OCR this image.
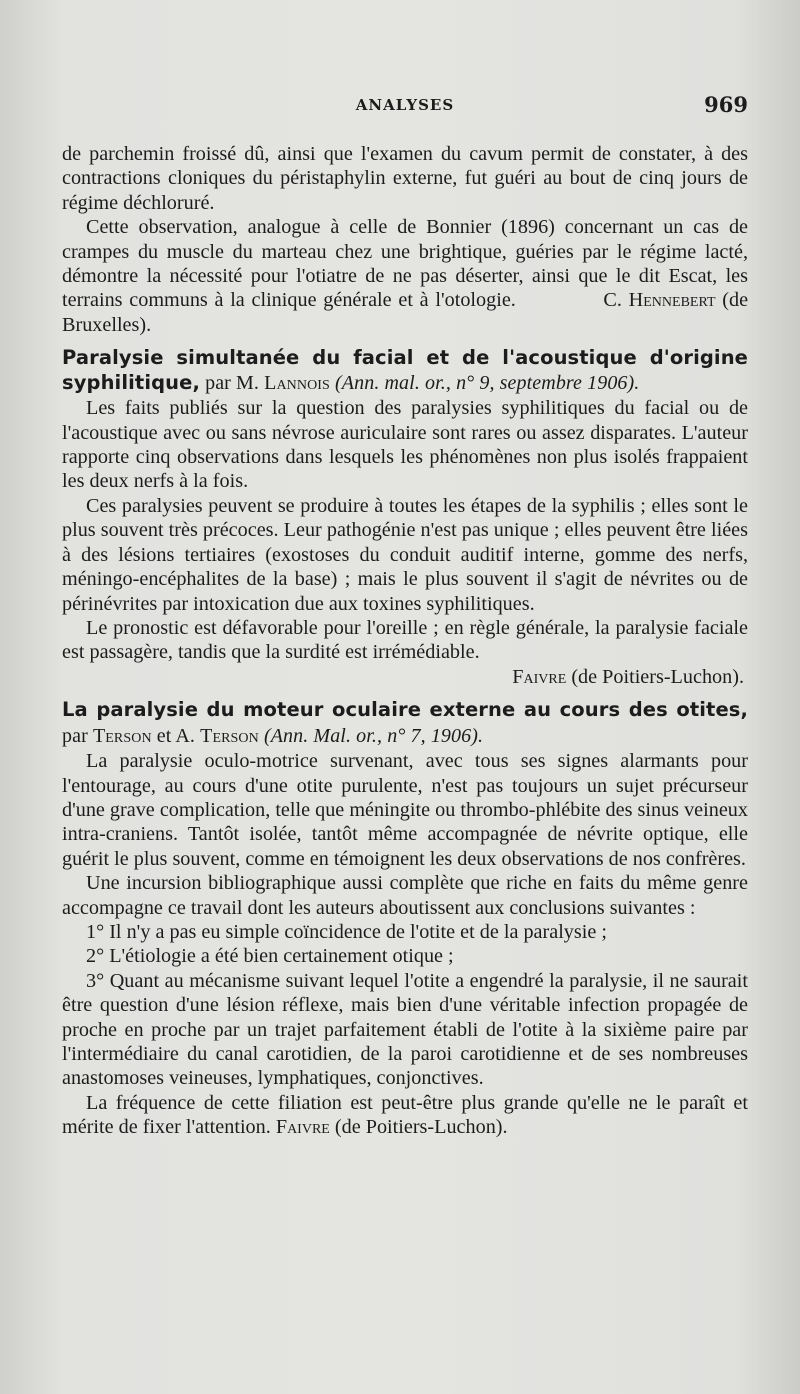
ANALYSES	969

de parchemin froissé dû, ainsi que l'examen du cavum permit de constater, à des contractions cloniques du péristaphylin externe, fut guéri au bout de cinq jours de régime déchloruré.

Cette observation, analogue à celle de Bonnier (1896) concernant un cas de crampes du muscle du marteau chez une brightique, guéries par le régime lacté, démontre la nécessité pour l'otiatre de ne pas déserter, ainsi que le dit Escat, les terrains communs à la clinique générale et à l'otologie.	C. Hennebert (de Bruxelles).

Paralysie simultanée du facial et de l'acoustique d'origine syphilitique, par M. Lannois (Ann. mal. or., n° 9, septembre 1906).

Les faits publiés sur la question des paralysies syphilitiques du facial ou de l'acoustique avec ou sans névrose auriculaire sont rares ou assez disparates. L'auteur rapporte cinq observations dans lesquels les phénomènes non plus isolés frappaient les deux nerfs à la fois.

Ces paralysies peuvent se produire à toutes les étapes de la syphilis ; elles sont le plus souvent très précoces. Leur pathogénie n'est pas unique ; elles peuvent être liées à des lésions tertiaires (exostoses du conduit auditif interne, gomme des nerfs, méningo-encéphalites de la base) ; mais le plus souvent il s'agit de névrites ou de périnévrites par intoxication due aux toxines syphilitiques.

Le pronostic est défavorable pour l'oreille ; en règle générale, la paralysie faciale est passagère, tandis que la surdité est irrémédiable.

Faivre (de Poitiers-Luchon).

La paralysie du moteur oculaire externe au cours des otites, par Terson et A. Terson (Ann. Mal. or., n° 7, 1906).

La paralysie oculo-motrice survenant, avec tous ses signes alarmants pour l'entourage, au cours d'une otite purulente, n'est pas toujours un sujet précurseur d'une grave complication, telle que méningite ou thrombo-phlébite des sinus veineux intra-craniens. Tantôt isolée, tantôt même accompagnée de névrite optique, elle guérit le plus souvent, comme en témoignent les deux observations de nos confrères.

Une incursion bibliographique aussi complète que riche en faits du même genre accompagne ce travail dont les auteurs aboutissent aux conclusions suivantes :

1° Il n'y a pas eu simple coïncidence de l'otite et de la paralysie ;

2° L'étiologie a été bien certainement otique ;

3° Quant au mécanisme suivant lequel l'otite a engendré la paralysie, il ne saurait être question d'une lésion réflexe, mais bien d'une véritable infection propagée de proche en proche par un trajet parfaitement établi de l'otite à la sixième paire par l'intermédiaire du canal carotidien, de la paroi carotidienne et de ses nombreuses anastomoses veineuses, lymphatiques, conjonctives.

La fréquence de cette filiation est peut-être plus grande qu'elle ne le paraît et mérite de fixer l'attention. Faivre (de Poitiers-Luchon).
